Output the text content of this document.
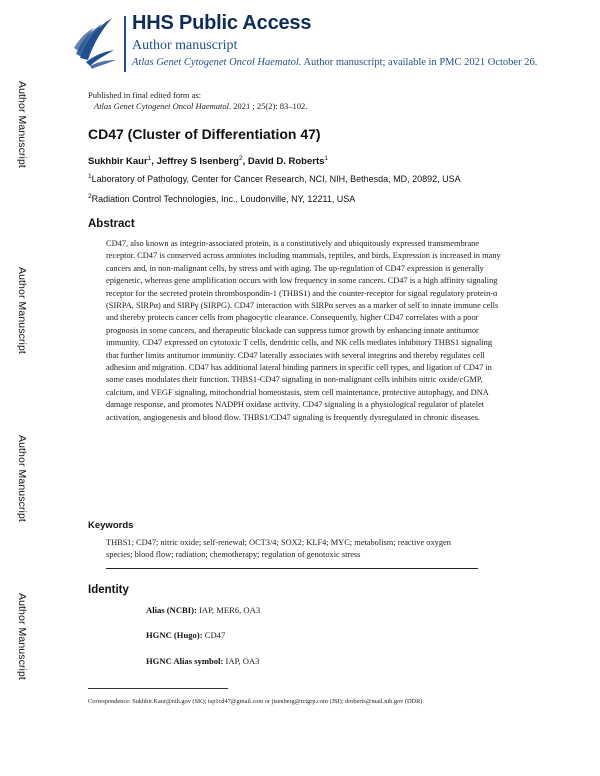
Author Manuscript
Author Manuscript
Author Manuscript
Author Manuscript
HHS Public Access
Author manuscript
Atlas Genet Cytogenet Oncol Haematol. Author manuscript; available in PMC 2021 October 26.
Published in final edited form as:
Atlas Genet Cytogenet Oncol Haematol. 2021 ; 25(2): 83–102.
CD47 (Cluster of Differentiation 47)
Sukhbir Kaur$^1$, Jeffrey S Isenberg$^2$, David D. Roberts$^1$
$^1$Laboratory of Pathology, Center for Cancer Research, NCI, NIH, Bethesda, MD, 20892, USA
$^2$Radiation Control Technologies, Inc., Loudonville, NY, 12211, USA
Abstract

CD47, also known as integrin-associated protein, is a constitutively and ubiquitously expressed transmembrane receptor. CD47 is conserved across amniotes including mammals, reptiles, and birds. Expression is increased in many cancers and, in non-malignant cells, by stress and with aging. The up-regulation of CD47 expression is generally epigenetic, whereas gene amplification occurs with low frequency in some cancers. CD47 is a high affinity signaling receptor for the secreted protein thrombospondin-1 (THBS1) and the counter-receptor for signal regulatory protein-α (SIRPA, SIRPα) and SIRPγ (SIRPG). CD47 interaction with SIRPα serves as a marker of self to innate immune cells and thereby protects cancer cells from phagocytic clearance. Consequently, higher CD47 correlates with a poor prognosis in some cancers, and therapeutic blockade can suppress tumor growth by enhancing innate antitumor immunity. CD47 expressed on cytotoxic T cells, dendritic cells, and NK cells mediates inhibitory THBS1 signaling that further limits antitumor immunity. CD47 laterally associates with several integrins and thereby regulates cell adhesion and migration. CD47 has additional lateral binding partners in specific cell types, and ligation of CD47 in some cases modulates their function. THBS1-CD47 signaling in non-malignant cells inhibits nitric oxide/cGMP, calcium, and VEGF signaling, mitochondrial homeostasis, stem cell maintenance, protective autophagy, and DNA damage response, and promotes NADPH oxidase activity. CD47 signaling is a physiological regulator of platelet activation, angiogenesis and blood flow. THBS1/CD47 signaling is frequently dysregulated in chronic diseases.

Keywords

THBS1; CD47; nitric oxide; self-renewal; OCT3/4; SOX2; KLF4; MYC; metabolism; reactive oxygen species; blood flow; radiation; chemotherapy; regulation of genotoxic stress

Identity
Alias (NCBI): IAP, MER6, OA3
HGNC (Hugo): CD47
HGNC Alias symbol: IAP, OA3
Correspondence: Sukhbir.Kaur@nih.gov (SK); tsp1cd47@gmail.com or jisenberg@rctgrp.com (JSI); droberts@mail.nih.gov (DDR).
